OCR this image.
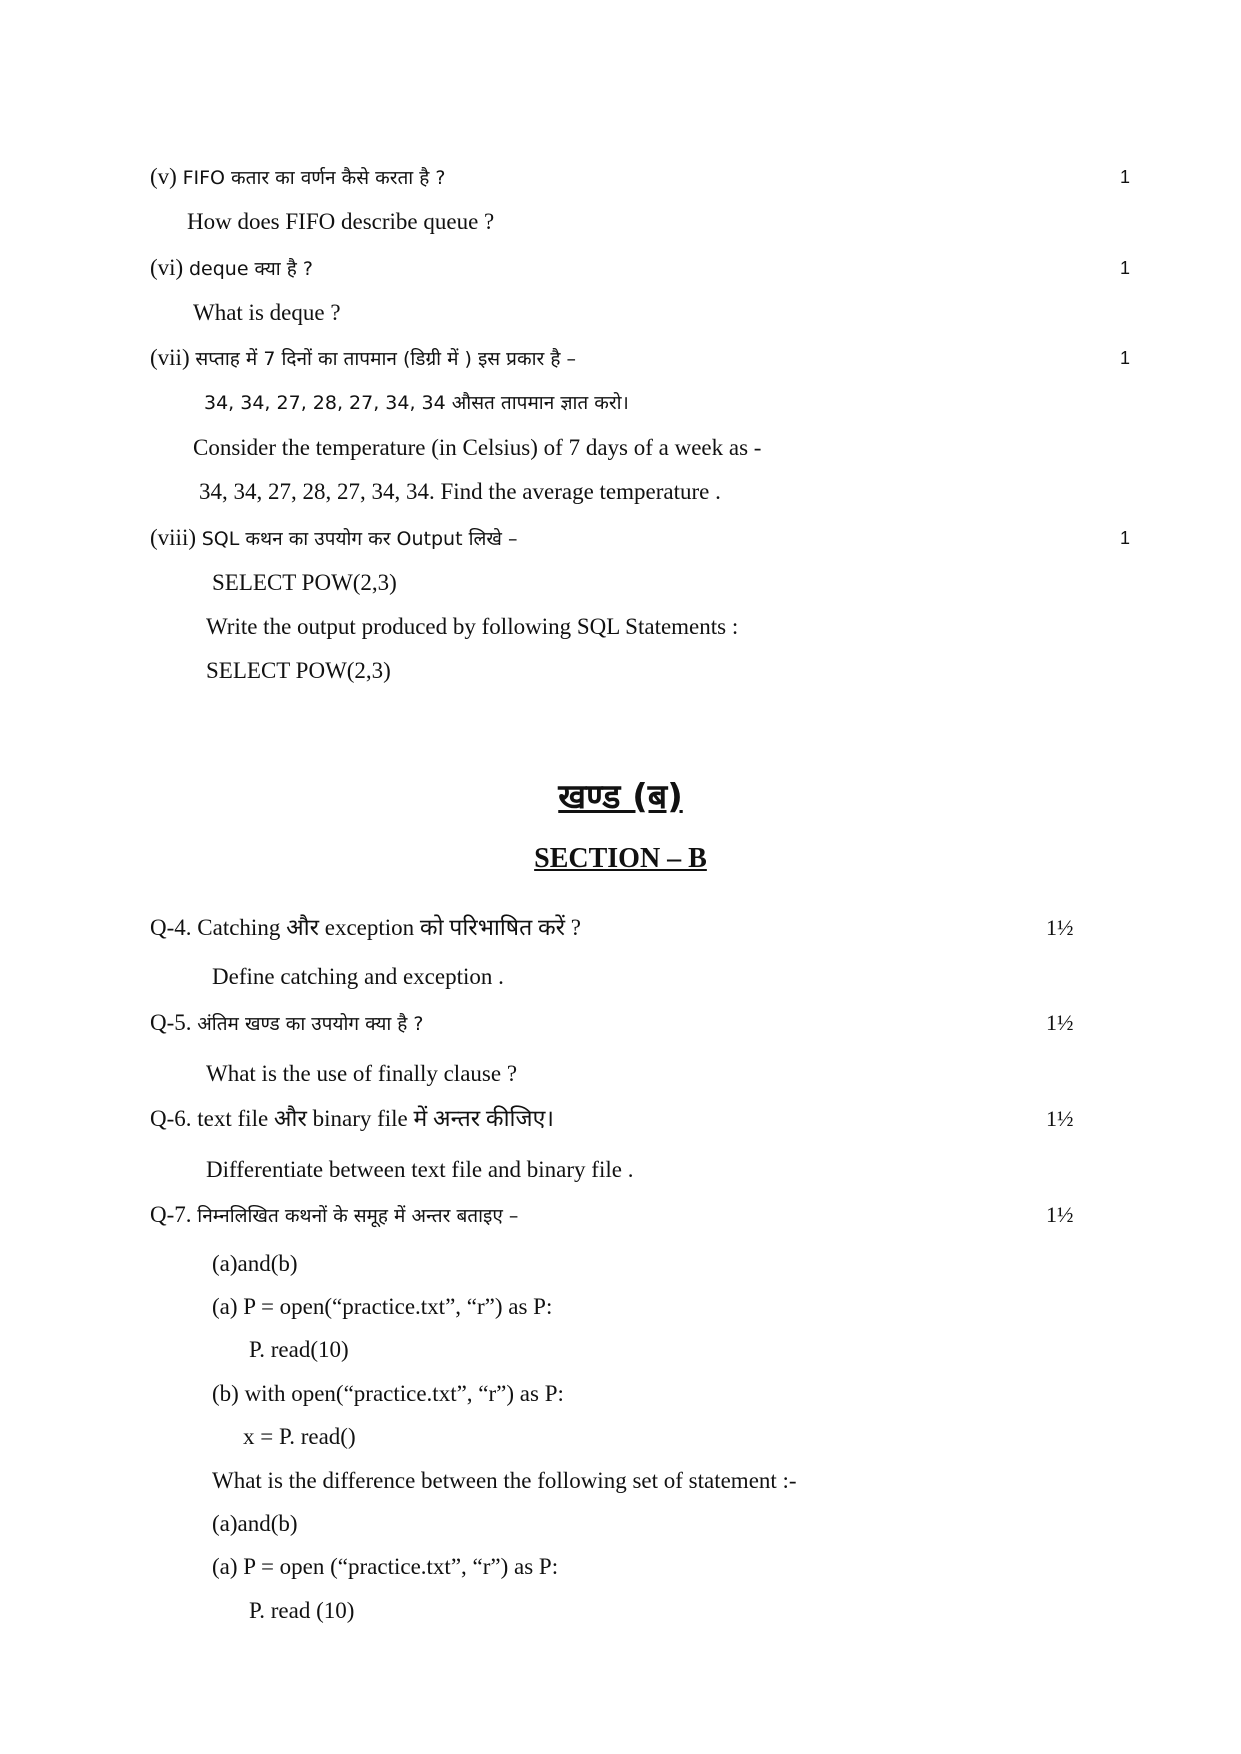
(v) FIFO कतार का वर्णन कैसे करता है ?	1
How does FIFO describe queue ?
(vi) deque क्या है ?	1
What is deque ?
(vii) सप्ताह में 7 दिनों का तापमान (डिग्री में ) इस प्रकार है –	1
34, 34, 27, 28, 27, 34, 34 औसत तापमान ज्ञात करो।
Consider the temperature (in Celsius) of 7 days of a week as -
34, 34, 27, 28, 27, 34, 34. Find the average temperature .
(viii) SQL कथन का उपयोग कर Output लिखे –	1
SELECT POW(2,3)
Write the output produced by following SQL Statements :
SELECT POW(2,3)
खण्ड (ब)
SECTION – B
Q-4. Catching और exception को परिभाषित करें ?	1½
Define catching and exception .
Q-5. अंतिम खण्ड का उपयोग क्या है ?	1½
What is the use of finally clause ?
Q-6. text file और binary file में अन्तर कीजिए।	1½
Differentiate between text file and binary file .
Q-7. निम्नलिखित कथनों के समूह में अन्तर बताइए –	1½
(a)and(b)
(a) P = open(“practice.txt”, “r”) as P:
P. read(10)
(b) with open(“practice.txt”, “r”) as P:
x = P. read()
What is the difference between the following set of statement :-
(a)and(b)
(a) P = open (“practice.txt”, “r”) as P:
P. read (10)
